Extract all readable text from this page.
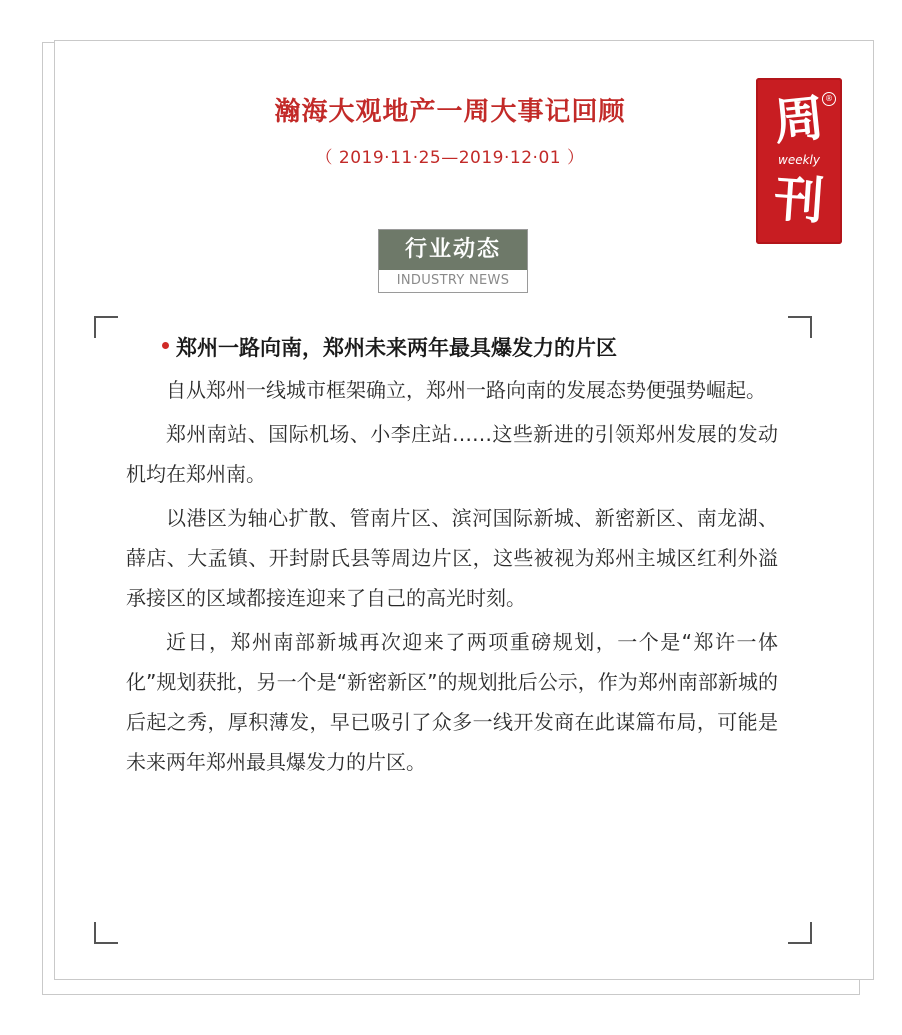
瀚海大观地产一周大事记回顾
（ 2019·11·25—2019·12·01 ）
®
周
weekly
刊
行业动态
INDUSTRY NEWS
郑州一路向南，郑州未来两年最具爆发力的片区

自从郑州一线城市框架确立，郑州一路向南的发展态势便强势崛起。

郑州南站、国际机场、小李庄站……这些新进的引领郑州发展的发动机均在郑州南。

以港区为轴心扩散、管南片区、滨河国际新城、新密新区、南龙湖、薛店、大孟镇、开封尉氏县等周边片区，这些被视为郑州主城区红利外溢承接区的区域都接连迎来了自己的高光时刻。

近日，郑州南部新城再次迎来了两项重磅规划，一个是“郑许一体化”规划获批，另一个是“新密新区”的规划批后公示，作为郑州南部新城的后起之秀，厚积薄发，早已吸引了众多一线开发商在此谋篇布局，可能是未来两年郑州最具爆发力的片区。
